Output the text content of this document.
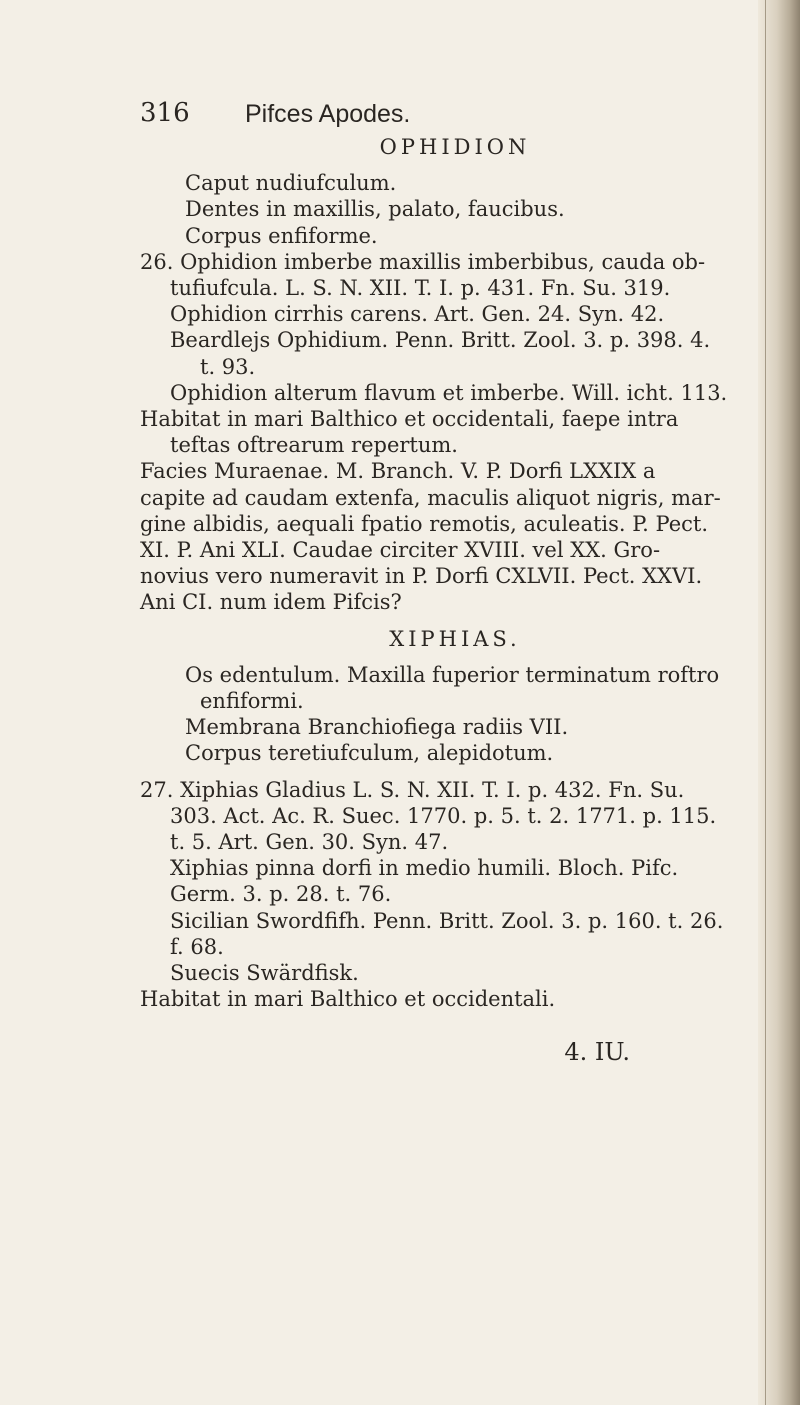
316 Pifces Apodes.
OPHIDION
Caput nudiufculum.
Dentes in maxillis, palato, faucibus.
Corpus enfiforme.
26. Ophidion imberbe maxillis imberbibus, cauda ob-
tufiufcula. L. S. N. XII. T. I. p. 431. Fn. Su. 319.
Ophidion cirrhis carens. Art. Gen. 24. Syn. 42.
Beardlejs Ophidium. Penn. Britt. Zool. 3. p. 398. 4.
t. 93.
Ophidion alterum flavum et imberbe. Will. icht. 113.
Habitat in mari Balthico et occidentali, faepe intra
teftas oftrearum repertum.
Facies Muraenae. M. Branch. V. P. Dorfi LXXIX a
capite ad caudam extenfa, maculis aliquot nigris, mar-
gine albidis, aequali fpatio remotis, aculeatis. P. Pect.
XI. P. Ani XLI. Caudae circiter XVIII. vel XX. Gro-
novius vero numeravit in P. Dorfi CXLVII. Pect. XXVI.
Ani CI. num idem Pifcis?
XIPHIAS.
Os edentulum. Maxilla fuperior terminatum roftro
enfiformi.
Membrana Branchiofiega radiis VII.
Corpus teretiufculum, alepidotum.
27. Xiphias Gladius L. S. N. XII. T. I. p. 432. Fn. Su.
303. Act. Ac. R. Suec. 1770. p. 5. t. 2. 1771. p. 115.
t. 5. Art. Gen. 30. Syn. 47.
Xiphias pinna dorfi in medio humili. Bloch. Pifc.
Germ. 3. p. 28. t. 76.
Sicilian Swordfifh. Penn. Britt. Zool. 3. p. 160. t. 26.
f. 68.
Suecis Swärdfisk.
Habitat in mari Balthico et occidentali.
4. IU.
